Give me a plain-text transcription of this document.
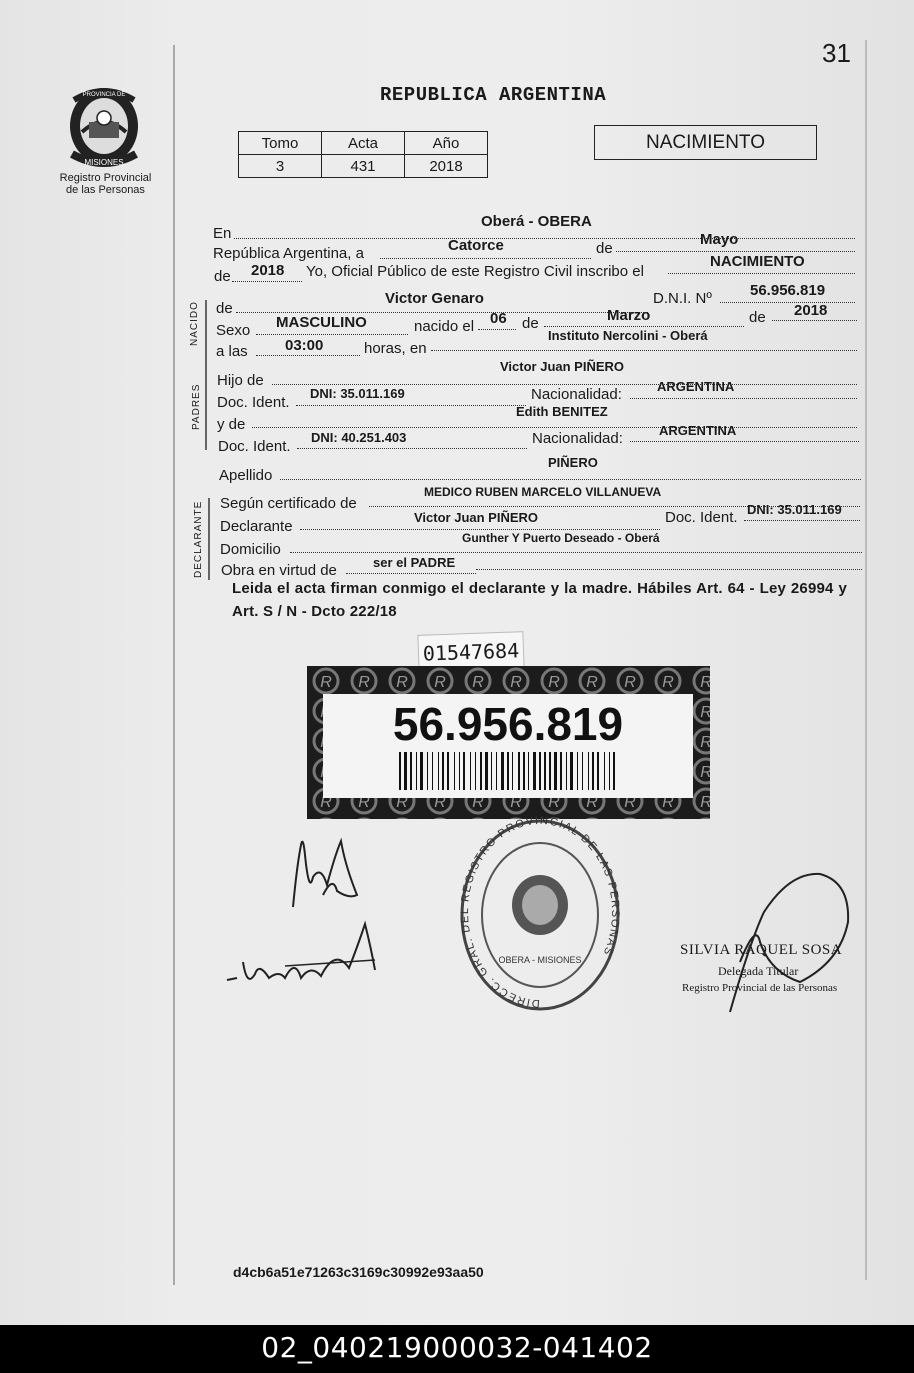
31
MISIONES
PROVINCIA DE
Registro Provincial
de las Personas
REPUBLICA ARGENTINA
Tomo	Acta	Año
3	431	2018
NACIMIENTO
En
Oberá - OBERA
República Argentina, a	Catorce	de
Mayo
de 2018 Yo, Oficial Público de este Registro Civil inscribo el
NACIMIENTO
NACIDO de
Victor Genaro	D.N.I. Nº	56.956.819
Sexo MASCULINO	nacido el 06 de	Marzo	de 2018
a las 03:00	horas, en
Instituto Nercolini - Oberá
PADRES
Hijo de
Victor Juan PIÑERO
Doc. Ident.
DNI: 35.011.169	Nacionalidad:	ARGENTINA
y de
Edith BENITEZ
Doc. Ident.
DNI: 40.251.403	Nacionalidad:	ARGENTINA
Apellido
PIÑERO
DECLARANTE Según certificado de
MEDICO RUBEN MARCELO VILLANUEVA
Declarante
Victor Juan PIÑERO	Doc. Ident. DNI: 35.011.169
Domicilio
Gunther Y Puerto Deseado - Oberá
Obra en virtud de	ser el PADRE
Leida el acta firman conmigo el declarante y la madre. Hábiles Art. 64 - Ley 26994 y Art. S / N - Dcto 222/18
01547684
56.956.819
DIRECC. GRAL. DEL REGISTRO PROVINCIAL DE LAS PERSONAS
OBERA - MISIONES
SILVIA RAQUEL SOSA
Delegada Titular
Registro Provincial de las Personas
d4cb6a51e71263c3169c30992e93aa50
02_040219000032-041402
